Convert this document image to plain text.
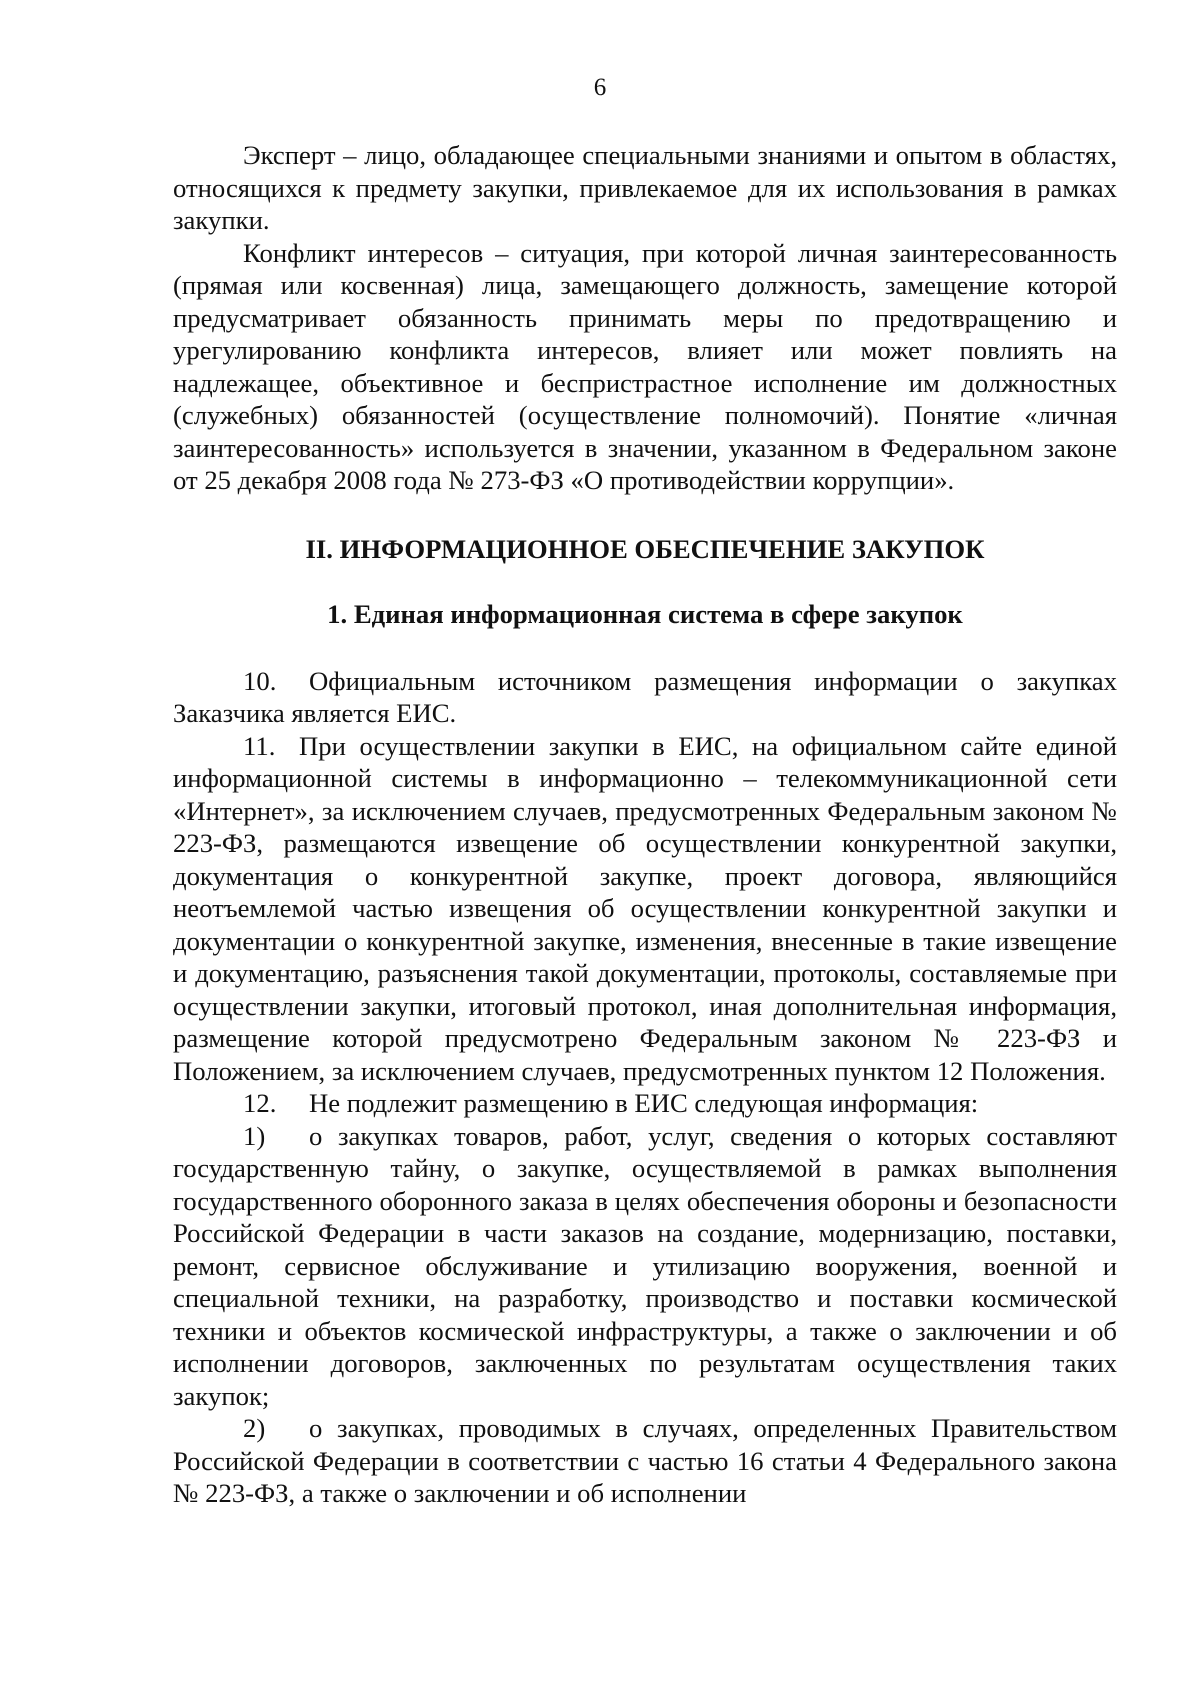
6

Эксперт – лицо, обладающее специальными знаниями и опытом в областях, относящихся к предмету закупки, привлекаемое для их использования в рамках закупки.

Конфликт интересов – ситуация, при которой личная заинтересованность (прямая или косвенная) лица, замещающего должность, замещение которой предусматривает обязанность принимать меры по предотвращению и урегулированию конфликта интересов, влияет или может повлиять на надлежащее, объективное и беспристрастное исполнение им должностных (служебных) обязанностей (осуществление полномочий). Понятие «личная заинтересованность» используется в значении, указанном в Федеральном законе от 25 декабря 2008 года № 273-ФЗ «О противодействии коррупции».

II. ИНФОРМАЦИОННОЕ ОБЕСПЕЧЕНИЕ ЗАКУПОК

1. Единая информационная система в сфере закупок

10. Официальным источником размещения информации о закупках Заказчика является ЕИС.

11. При осуществлении закупки в ЕИС, на официальном сайте единой информационной системы в информационно – телекоммуникационной сети «Интернет», за исключением случаев, предусмотренных Федеральным законом № 223-ФЗ, размещаются извещение об осуществлении конкурентной закупки, документация о конкурентной закупке, проект договора, являющийся неотъемлемой частью извещения об осуществлении конкурентной закупки и документации о конкурентной закупке, изменения, внесенные в такие извещение и документацию, разъяснения такой документации, протоколы, составляемые при осуществлении закупки, итоговый протокол, иная дополнительная информация, размещение которой предусмотрено Федеральным законом № 223-ФЗ и Положением, за исключением случаев, предусмотренных пунктом 12 Положения.

12. Не подлежит размещению в ЕИС следующая информация:

1) о закупках товаров, работ, услуг, сведения о которых составляют государственную тайну, о закупке, осуществляемой в рамках выполнения государственного оборонного заказа в целях обеспечения обороны и безопасности Российской Федерации в части заказов на создание, модернизацию, поставки, ремонт, сервисное обслуживание и утилизацию вооружения, военной и специальной техники, на разработку, производство и поставки космической техники и объектов космической инфраструктуры, а также о заключении и об исполнении договоров, заключенных по результатам осуществления таких закупок;

2) о закупках, проводимых в случаях, определенных Правительством Российской Федерации в соответствии с частью 16 статьи 4 Федерального закона № 223-ФЗ, а также о заключении и об исполнении
